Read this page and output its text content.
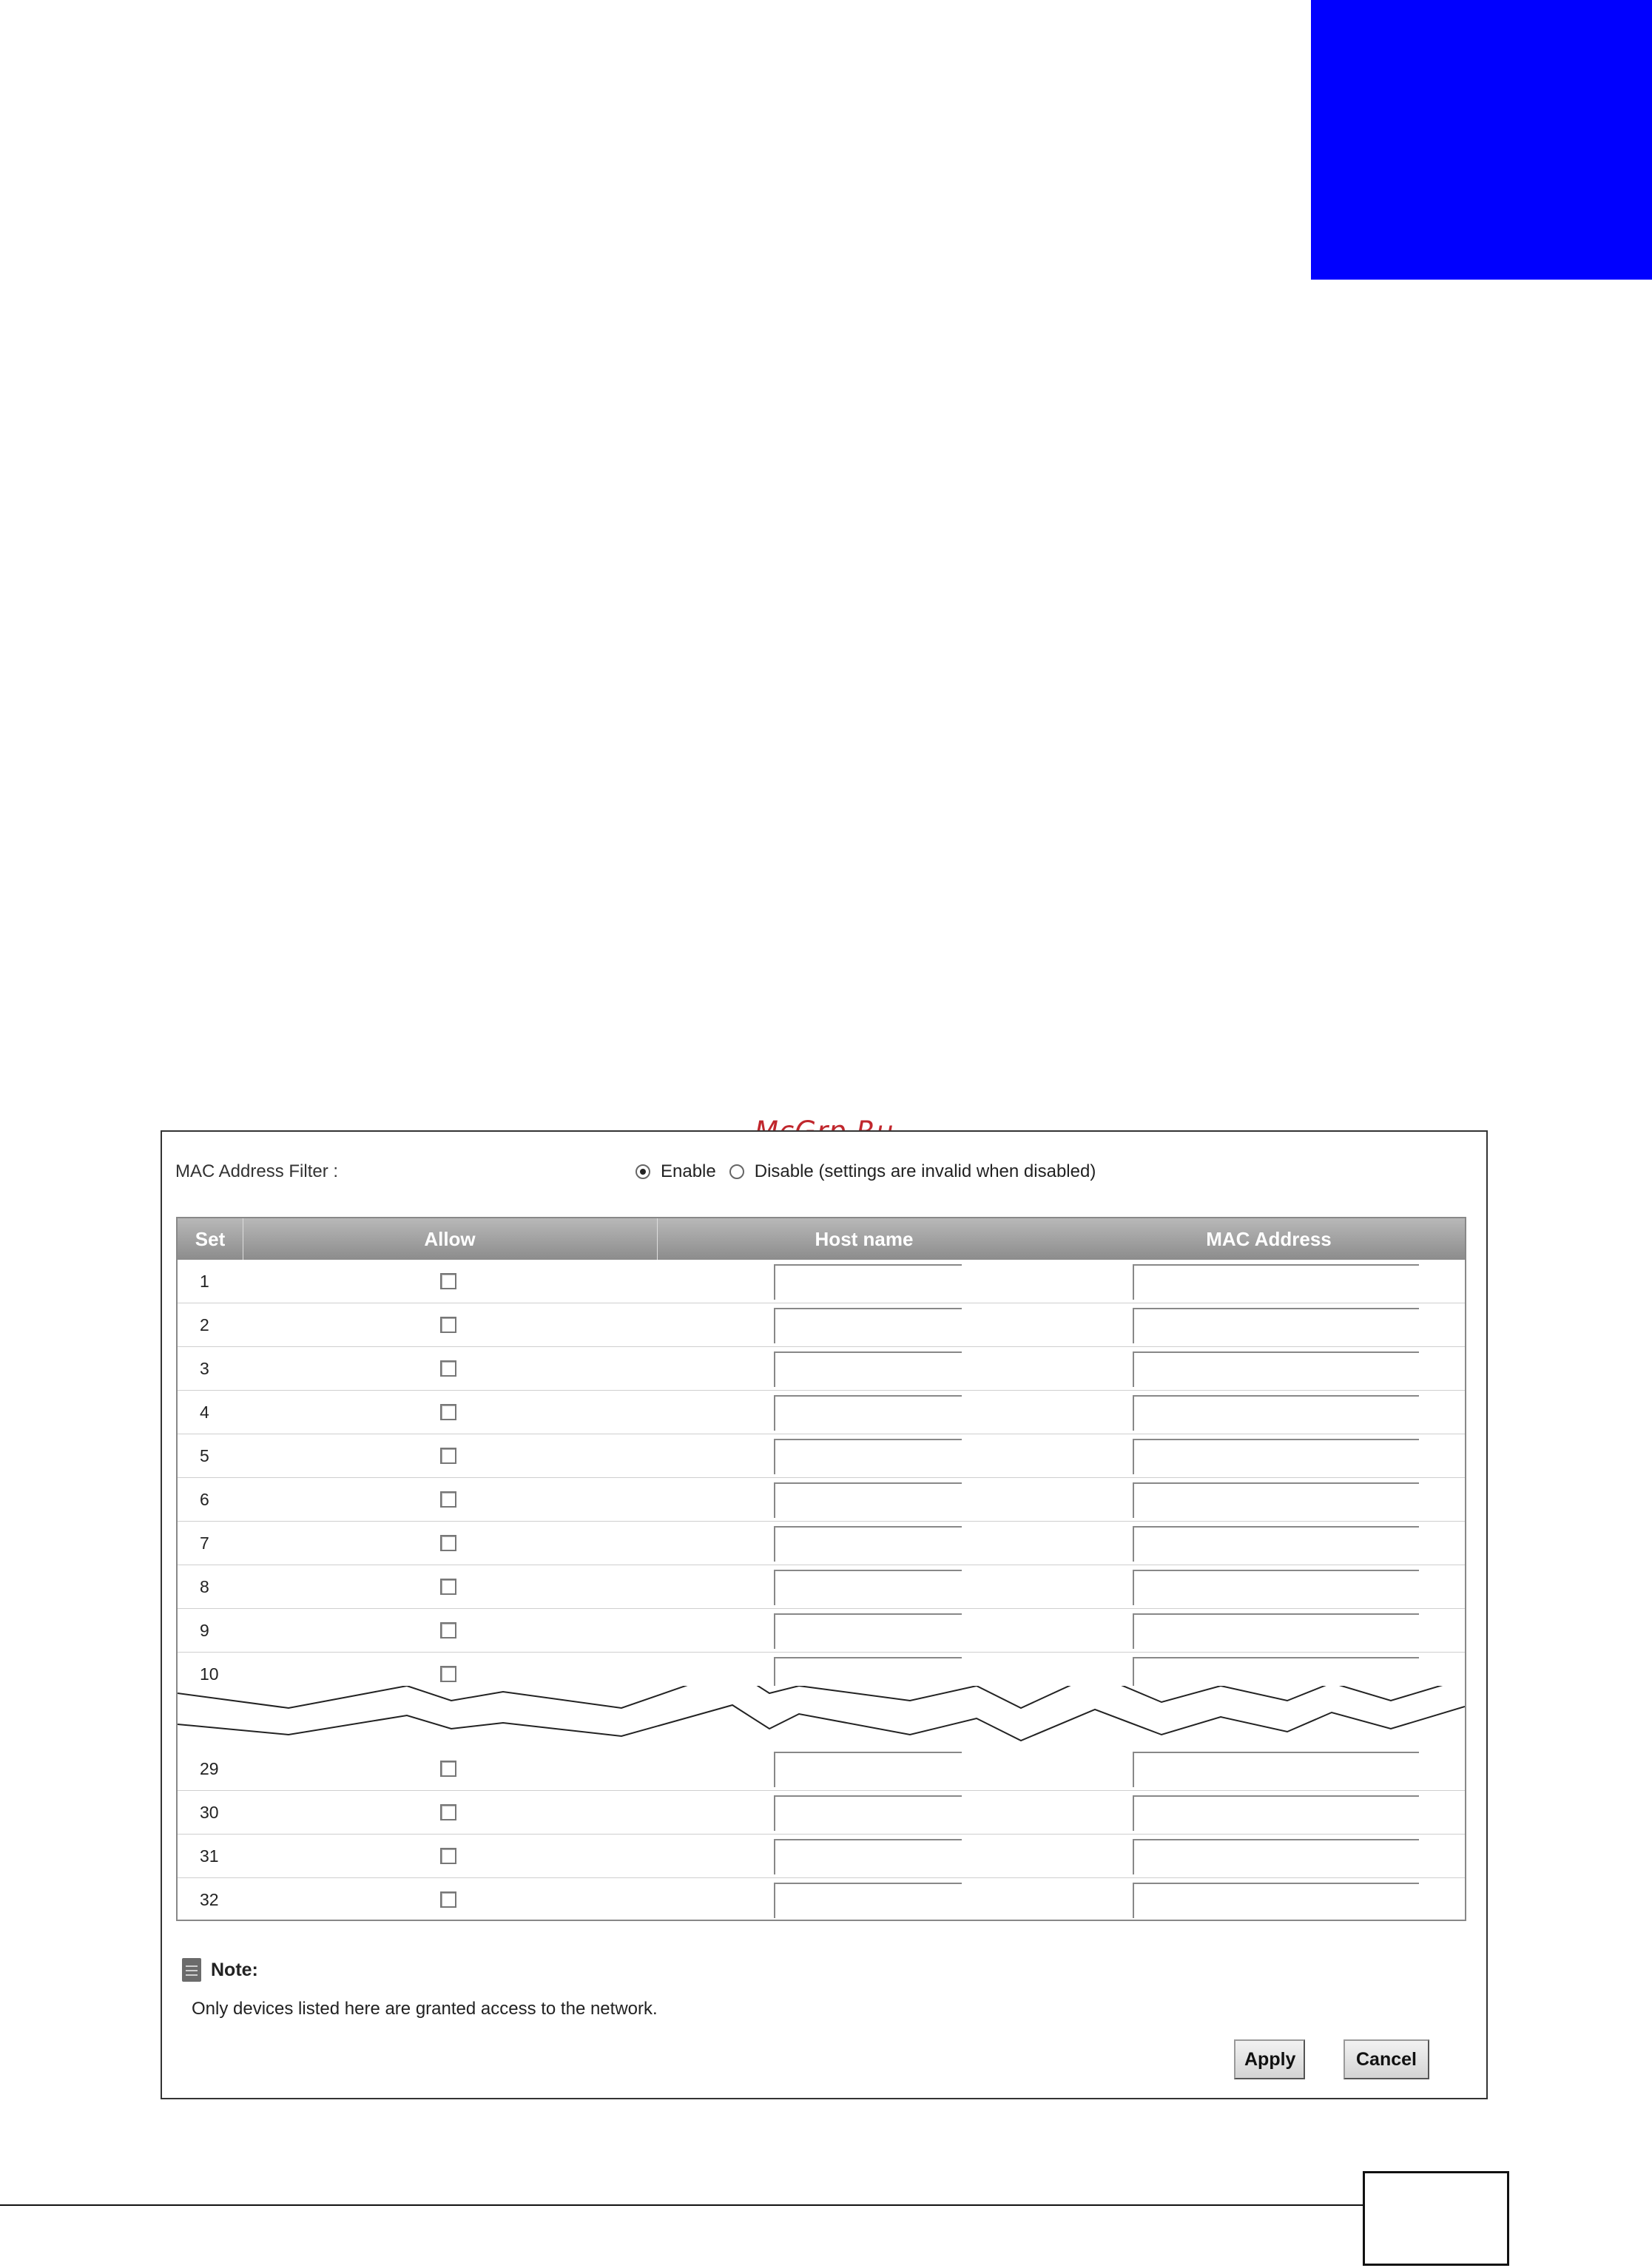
MAC Address Filter :	Enable Disable (settings are invalid when disabled)
Set	Allow	Host name	MAC Address
1
2
3
4
5
6
7
8
9
10
29
30
31
32
Note:
Only devices listed here are granted access to the network.
Apply	Cancel
